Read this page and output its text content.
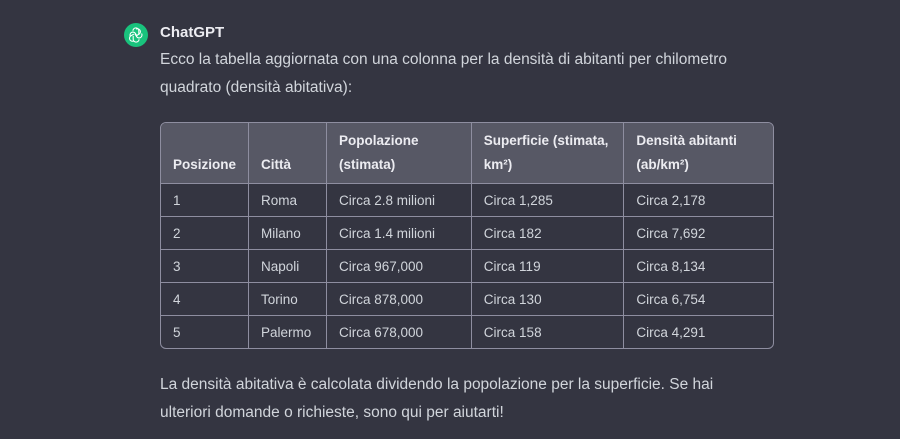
ChatGPT

Ecco la tabella aggiornata con una colonna per la densità di abitanti per chilometro
quadrato (densità abitativa):

Posizione	Città	Popolazione (stimata)	Superficie (stimata, km²)	Densità abitanti (ab/km²)
1	Roma	Circa 2.8 milioni	Circa 1,285	Circa 2,178
2	Milano	Circa 1.4 milioni	Circa 182	Circa 7,692
3	Napoli	Circa 967,000	Circa 119	Circa 8,134
4	Torino	Circa 878,000	Circa 130	Circa 6,754
5	Palermo	Circa 678,000	Circa 158	Circa 4,291

La densità abitativa è calcolata dividendo la popolazione per la superficie. Se hai
ulteriori domande o richieste, sono qui per aiutarti!
